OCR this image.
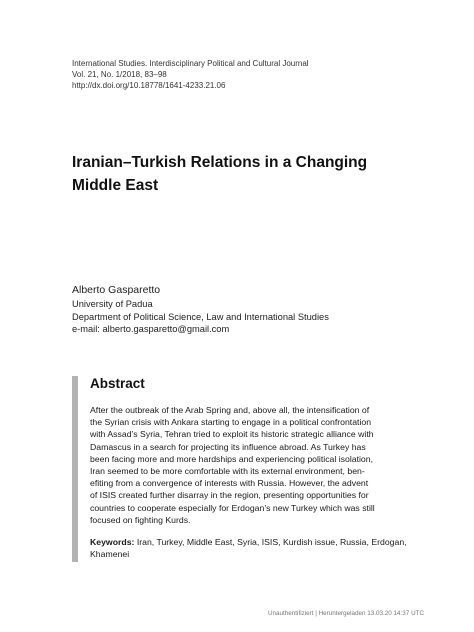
International Studies. Interdisciplinary Political and Cultural Journal
Vol. 21, No. 1/2018, 83–98
http://dx.doi.org/10.18778/1641-4233.21.06
Iranian–Turkish Relations in a Changing
Middle East
Alberto Gasparetto
University of Padua
Department of Political Science, Law and International Studies
e-mail: alberto.gasparetto@gmail.com
Abstract
After the outbreak of the Arab Spring and, above all, the intensification of
the Syrian crisis with Ankara starting to engage in a political confrontation
with Assad’s Syria, Tehran tried to exploit its historic strategic alliance with
Damascus in a search for projecting its influence abroad. As Turkey has
been facing more and more hardships and experiencing political isolation,
Iran seemed to be more comfortable with its external environment, ben-
efiting from a convergence of interests with Russia. However, the advent
of ISIS created further disarray in the region, presenting opportunities for
countries to cooperate especially for Erdogan’s new Turkey which was still
focused on fighting Kurds.
Keywords: Iran, Turkey, Middle East, Syria, ISIS, Kurdish issue, Russia, Erdogan, Khamenei
Unauthentifiziert | Heruntergeladen 13.03.20 14:37 UTC
